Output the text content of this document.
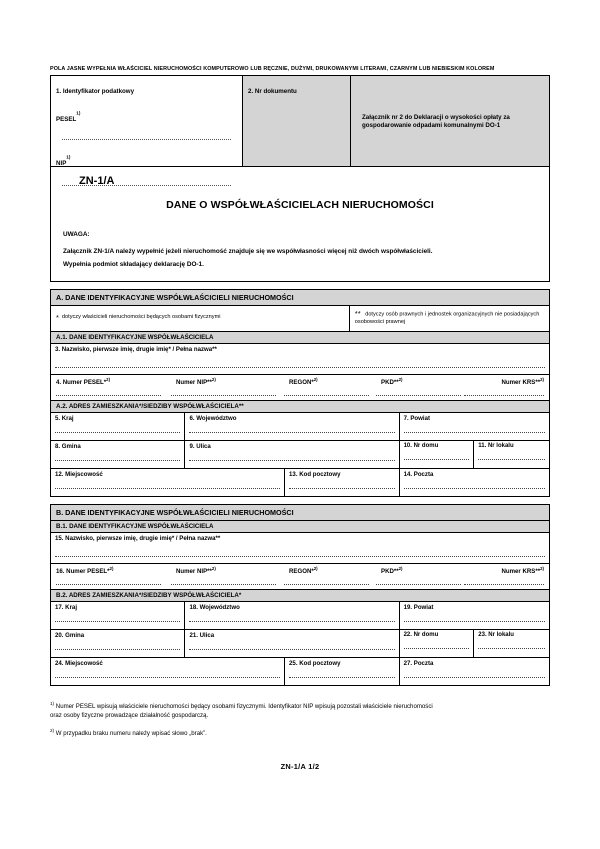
POLA JASNE WYPEŁNIA WŁAŚCICIEL NIERUCHOMOŚCI KOMPUTEROWO LUB RĘCZNIE, DUŻYMI, DRUKOWANYMI LITERAMI, CZARNYM LUB NIEBIESKIM KOLOREM
1. Identyfikator podatkowy
PESEL$^{1)}$
NIP$^{1)}$
2. Nr dokumentu
Załącznik nr 2 do Deklaracji o wysokości opłaty za gospodarowanie odpadami komunalnymi DO-1
ZN-1/A
DANE O WSPÓŁWŁAŚCICIELACH NIERUCHOMOŚCI
UWAGA:
Załącznik ZN-1/A należy wypełnić jeżeli nieruchomość znajduje się we współwłasności więcej niż dwóch współwłaścicieli.
Wypełnia podmiot składający deklarację DO-1.
A. DANE IDENTYFIKACYJNE WSPÓŁWŁAŚCICIELI NIERUCHOMOŚCI
* dotyczy właścicieli nieruchomości będących osobami fizycznymi	** dotyczy osób prawnych i jednostek organizacyjnych nie posiadających osobowości prawnej
A.1. DANE IDENTYFIKACYJNE WSPÓŁWŁAŚCICIELA
3. Nazwisko, pierwsze imię, drugie imię* / Pełna nazwa**
4. Numer PESEL*$^{2)}$	Numer NIP**$^{2)}$	REGON*$^{2)}$	PKD**$^{2)}$	Numer KRS**$^{2)}$
A.2. ADRES ZAMIESZKANIA*/SIEDZIBY WSPÓŁWŁAŚCICIELA**
5. Kraj	6. Województwo	7. Powiat
8. Gmina	9. Ulica	10. Nr domu	11. Nr lokalu
12. Miejscowość	13. Kod pocztowy	14. Poczta
B. DANE IDENTYFIKACYJNE WSPÓŁWŁAŚCICIELI NIERUCHOMOŚCI
B.1. DANE IDENTYFIKACYJNE WSPÓŁWŁAŚCICIELA
15. Nazwisko, pierwsze imię, drugie imię* / Pełna nazwa**
16. Numer PESEL*$^{2)}$	Numer NIP**$^{2)}$	REGON*$^{2)}$	PKD**$^{2)}$	Numer KRS**$^{2)}$
B.2. ADRES ZAMIESZKANIA*/SIEDZIBY WSPÓŁWŁAŚCICIELA*
17. Kraj	18. Województwo	19. Powiat
20. Gmina	21. Ulica	22. Nr domu	23. Nr lokalu
24. Miejscowość	25. Kod pocztowy	27. Poczta

$^{1)}$ Numer PESEL wpisują właściciele nieruchomości będący osobami fizycznymi. Identyfikator NIP wpisują pozostali właściciele nieruchomości
oraz osoby fizyczne prowadzące działalność gospodarczą.

$^{2)}$ W przypadku braku numeru należy wpisać słowo „brak”.

ZN-1/A 1/2
